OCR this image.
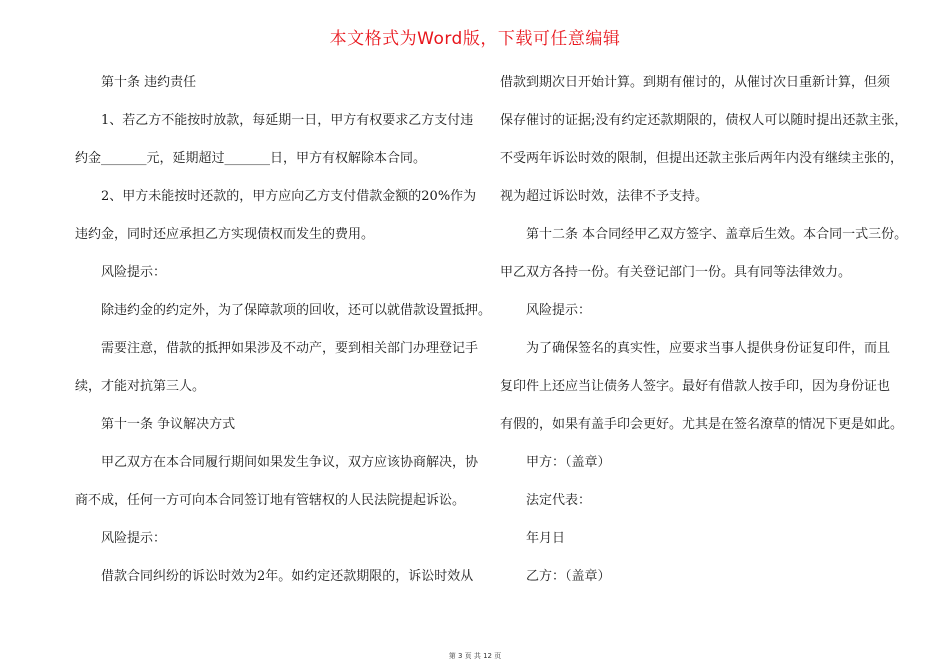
本文格式为Word版，下载可任意编辑

第十条 违约责任

1、若乙方不能按时放款，每延期一日，甲方有权要求乙方支付违

约金_______元，延期超过_______日，甲方有权解除本合同。

2、甲方未能按时还款的，甲方应向乙方支付借款金额的20%作为

违约金，同时还应承担乙方实现债权而发生的费用。

风险提示：

除违约金的约定外，为了保障款项的回收，还可以就借款设置抵押。

需要注意，借款的抵押如果涉及不动产，要到相关部门办理登记手

续，才能对抗第三人。

第十一条 争议解决方式

甲乙双方在本合同履行期间如果发生争议，双方应该协商解决，协

商不成，任何一方可向本合同签订地有管辖权的人民法院提起诉讼。

风险提示：

借款合同纠纷的诉讼时效为2年。如约定还款期限的，诉讼时效从

借款到期次日开始计算。到期有催讨的，从催讨次日重新计算，但须

保存催讨的证据;没有约定还款期限的，债权人可以随时提出还款主张，

不受两年诉讼时效的限制，但提出还款主张后两年内没有继续主张的，

视为超过诉讼时效，法律不予支持。

第十二条 本合同经甲乙双方签字、盖章后生效。本合同一式三份。

甲乙双方各持一份。有关登记部门一份。具有同等法律效力。

风险提示：

为了确保签名的真实性，应要求当事人提供身份证复印件，而且

复印件上还应当让债务人签字。最好有借款人按手印，因为身份证也

有假的，如果有盖手印会更好。尤其是在签名潦草的情况下更是如此。

甲方：（盖章）

法定代表：

年月日

乙方：（盖章）

第 3 页 共 12 页
